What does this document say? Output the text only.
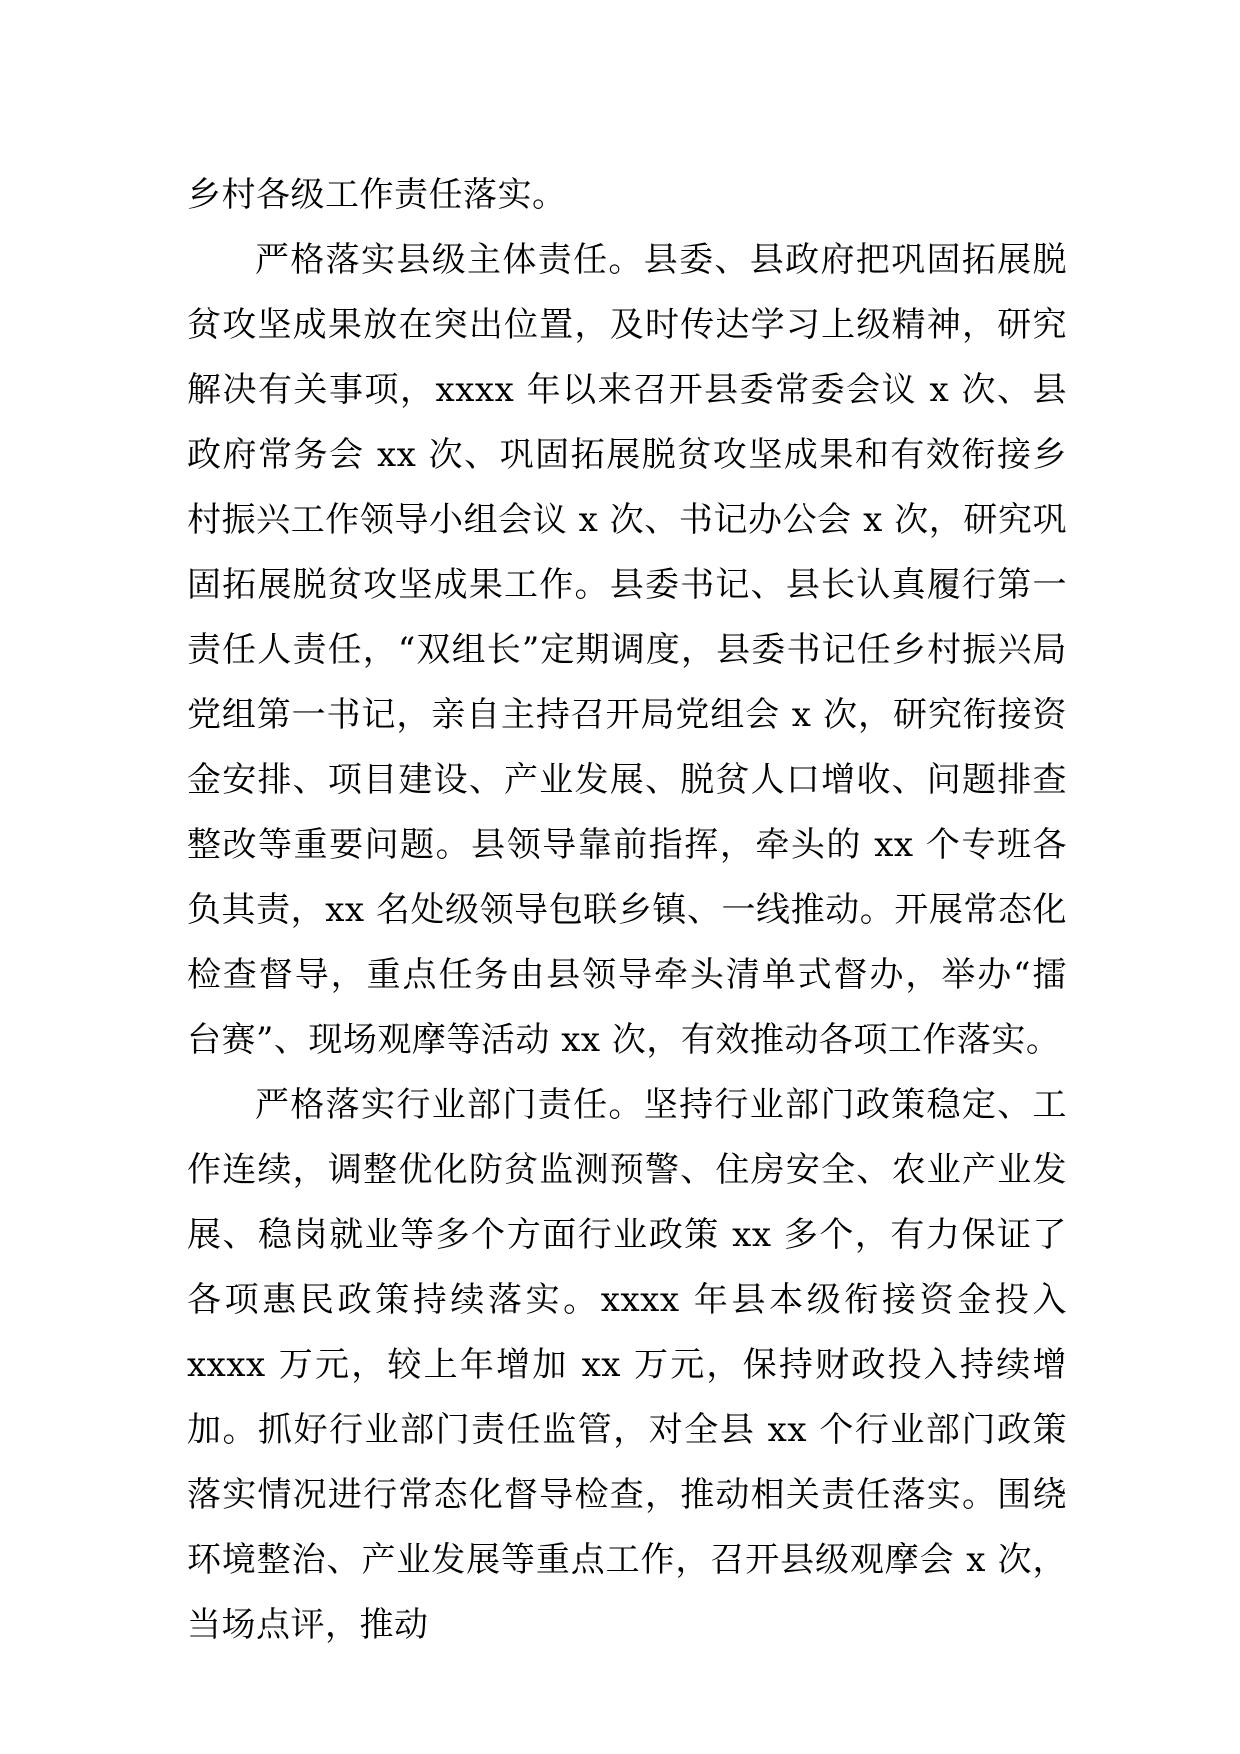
乡村各级工作责任落实。

严格落实县级主体责任。县委、县政府把巩固拓展脱贫攻坚成果放在突出位置，及时传达学习上级精神，研究解决有关事项，xxxx 年以来召开县委常委会议 x 次、县政府常务会 xx 次、巩固拓展脱贫攻坚成果和有效衔接乡村振兴工作领导小组会议 x 次、书记办公会 x 次，研究巩固拓展脱贫攻坚成果工作。县委书记、县长认真履行第一责任人责任，“双组长”定期调度，县委书记任乡村振兴局党组第一书记，亲自主持召开局党组会 x 次，研究衔接资金安排、项目建设、产业发展、脱贫人口增收、问题排查整改等重要问题。县领导靠前指挥，牵头的 xx 个专班各负其责，xx 名处级领导包联乡镇、一线推动。开展常态化检查督导，重点任务由县领导牵头清单式督办，举办“擂台赛”、现场观摩等活动 xx 次，有效推动各项工作落实。

严格落实行业部门责任。坚持行业部门政策稳定、工作连续，调整优化防贫监测预警、住房安全、农业产业发展、稳岗就业等多个方面行业政策 xx 多个，有力保证了各项惠民政策持续落实。xxxx 年县本级衔接资金投入 xxxx 万元，较上年增加 xx 万元，保持财政投入持续增加。抓好行业部门责任监管，对全县 xx 个行业部门政策落实情况进行常态化督导检查，推动相关责任落实。围绕环境整治、产业发展等重点工作，召开县级观摩会 x 次，当场点评，推动
